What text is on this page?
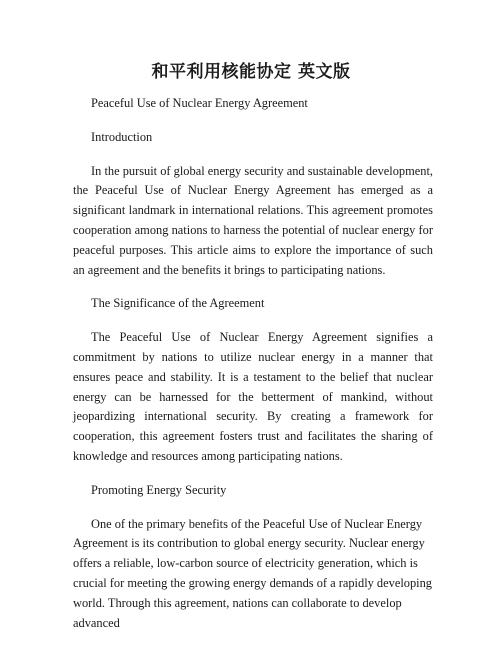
和平利用核能协定 英文版

Peaceful Use of Nuclear Energy Agreement

Introduction

In the pursuit of global energy security and sustainable development, the Peaceful Use of Nuclear Energy Agreement has emerged as a significant landmark in international relations. This agreement promotes cooperation among nations to harness the potential of nuclear energy for peaceful purposes. This article aims to explore the importance of such an agreement and the benefits it brings to participating nations.

The Significance of the Agreement

The Peaceful Use of Nuclear Energy Agreement signifies a commitment by nations to utilize nuclear energy in a manner that ensures peace and stability. It is a testament to the belief that nuclear energy can be harnessed for the betterment of mankind, without jeopardizing international security. By creating a framework for cooperation, this agreement fosters trust and facilitates the sharing of knowledge and resources among participating nations.

Promoting Energy Security

One of the primary benefits of the Peaceful Use of Nuclear Energy Agreement is its contribution to global energy security. Nuclear energy offers a reliable, low-carbon source of electricity generation, which is crucial for meeting the growing energy demands of a rapidly developing world. Through this agreement, nations can collaborate to develop advanced
